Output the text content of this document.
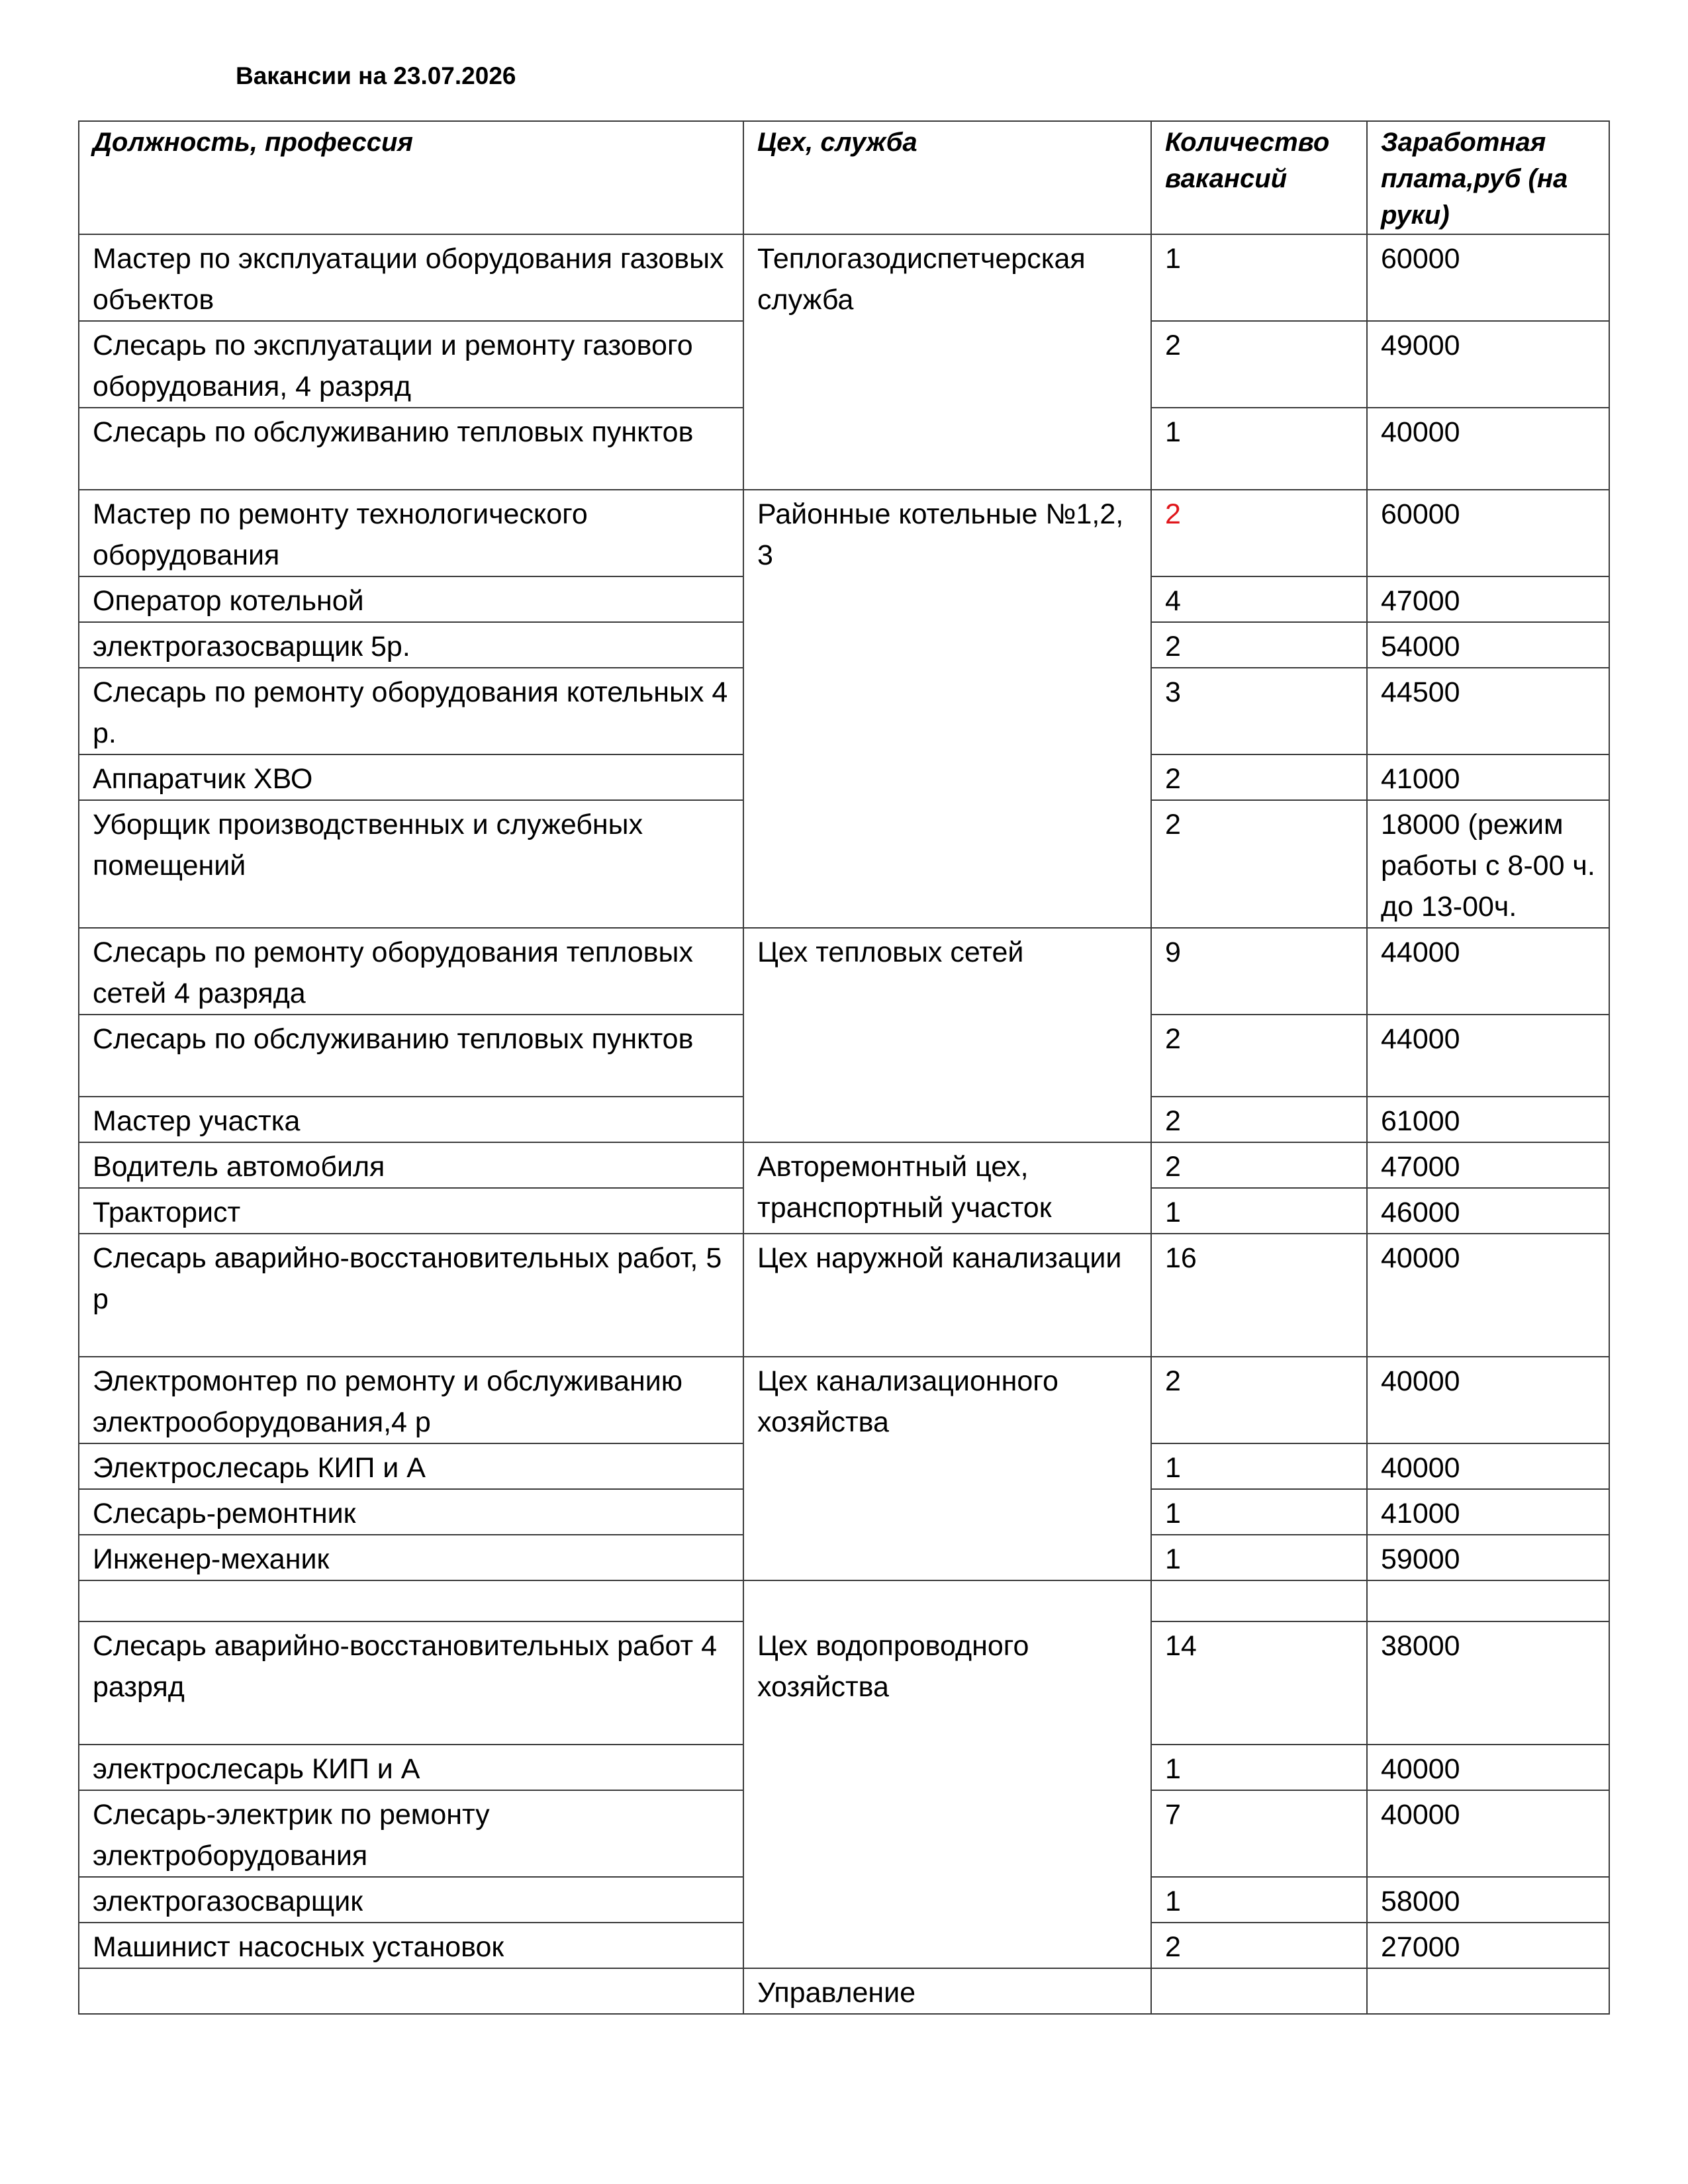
Вакансии на 23.07.2026
Должность, профессия	Цех, служба	Количество вакансий	Заработная плата,руб (на руки)
Мастер по эксплуатации оборудования газовых объектов	Теплогазодиспетчерская служба	1	60000
Слесарь по эксплуатации и ремонту газового оборудования, 4 разряд		2	49000
Слесарь по обслуживанию тепловых пунктов		1	40000
Мастер по ремонту технологического оборудования	Районные котельные №1,2, 3	2	60000
Оператор котельной		4	47000
электрогазосварщик 5р.		2	54000
Слесарь по ремонту оборудования котельных 4 р.		3	44500
Аппаратчик ХВО		2	41000
Уборщик производственных и служебных помещений		2	18000 (режим работы с 8-00 ч. до 13-00ч.
Слесарь по ремонту оборудования тепловых сетей 4 разряда	Цех тепловых сетей	9	44000
Слесарь по обслуживанию тепловых пунктов		2	44000
Мастер участка		2	61000
Водитель автомобиля	Авторемонтный цех, транспортный участок	2	47000
Тракторист		1	46000
Слесарь аварийно-восстановительных работ, 5 р	Цех наружной канализации	16	40000
Электромонтер по ремонту и обслуживанию электрооборудования,4 р	Цех канализационного хозяйства	2	40000
Электрослесарь КИП и А		1	40000
Слесарь-ремонтник		1	41000
Инженер-механик		1	59000
	Цех водопроводного хозяйства		
Слесарь аварийно-восстановительных работ 4 разряд		14	38000
электрослесарь КИП и А		1	40000
Слесарь-электрик по ремонту электроборудования		7	40000
электрогазосварщик		1	58000
Машинист насосных установок		2	27000
	Управление		
